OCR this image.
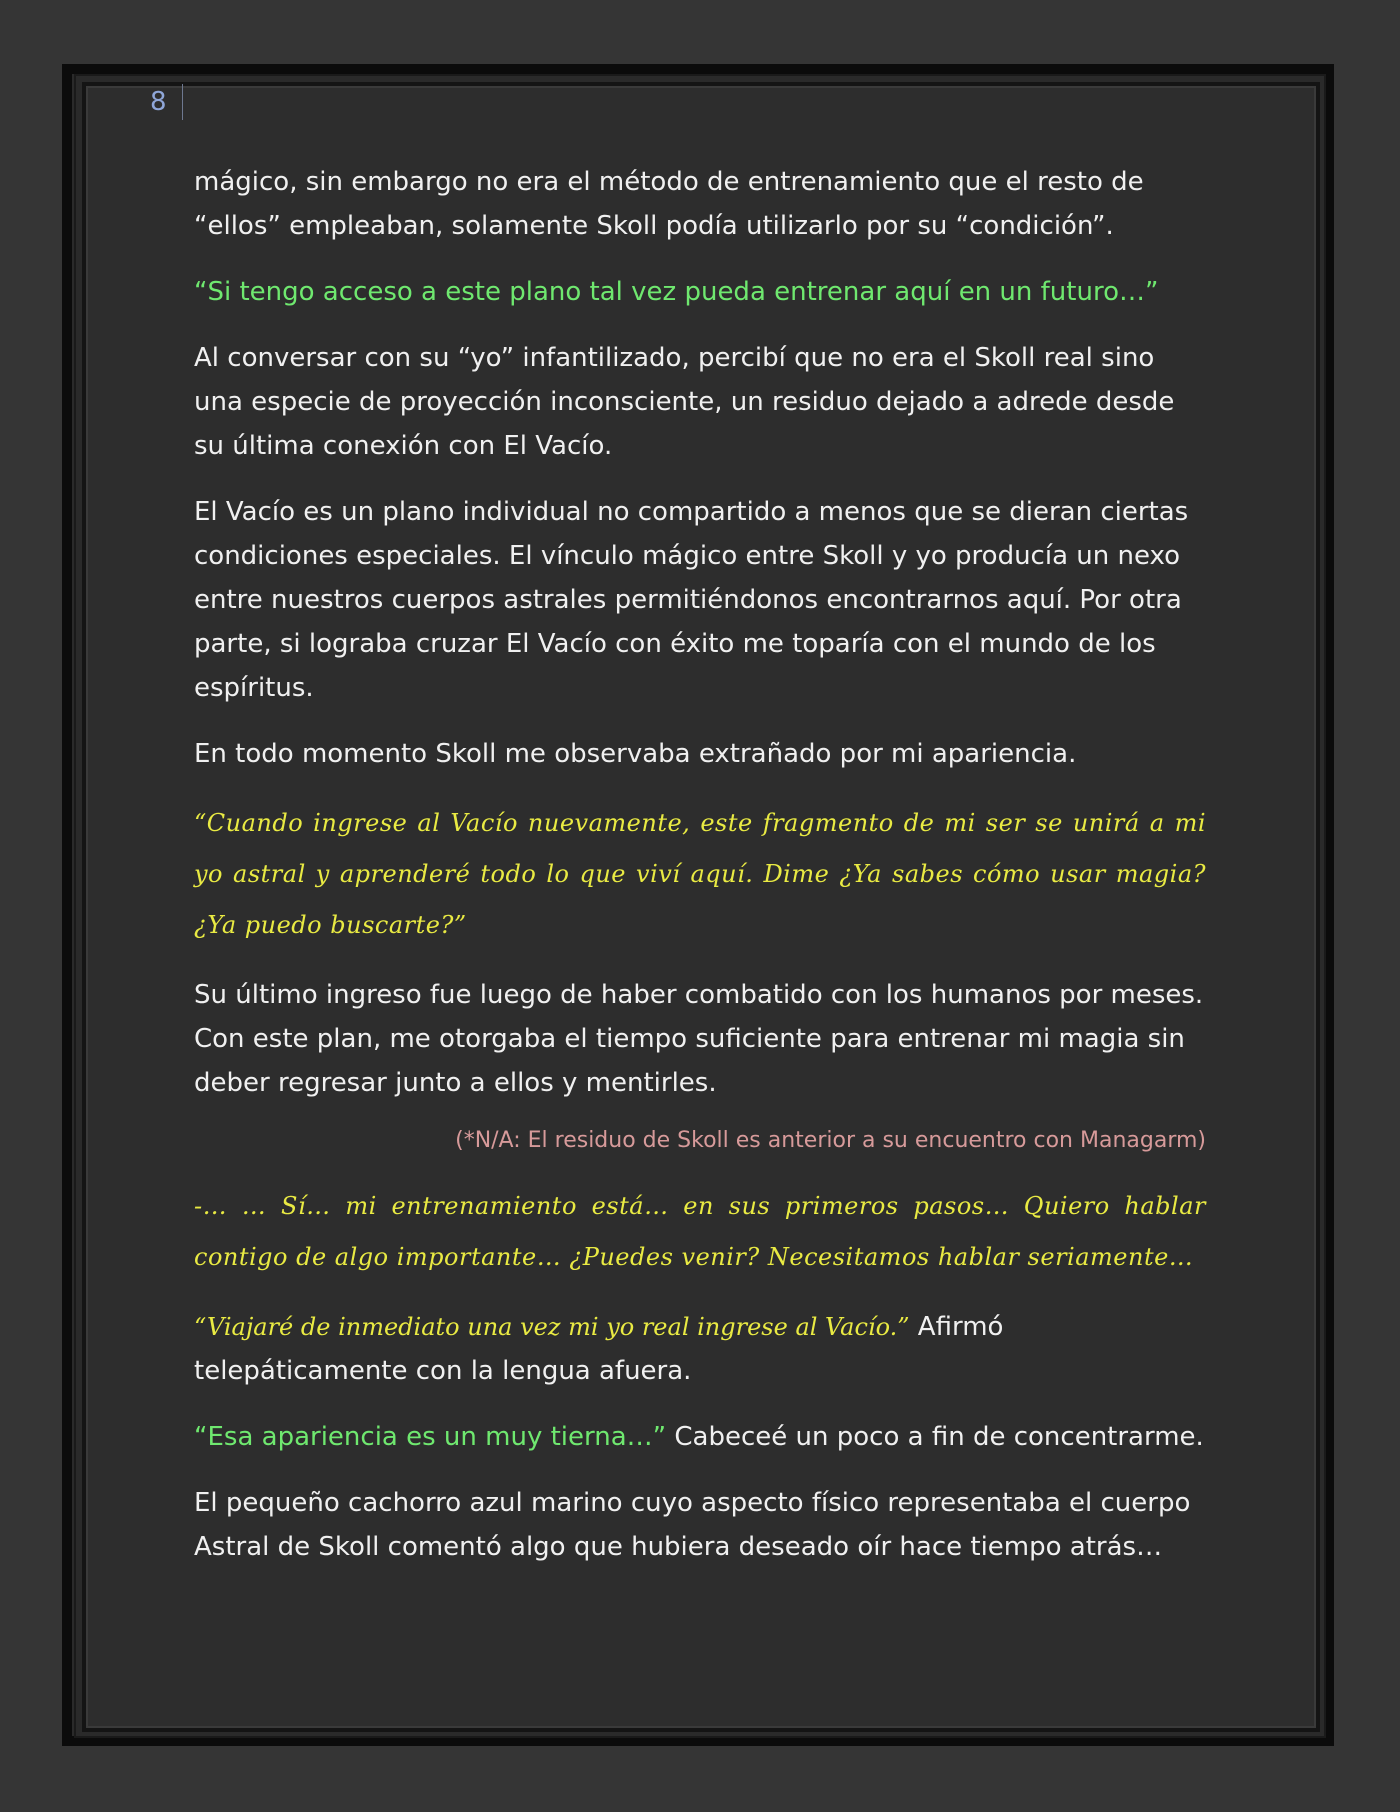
8

mágico, sin embargo no era el método de entrenamiento que el resto de “ellos” empleaban, solamente Skoll podía utilizarlo por su “condición”.

“Si tengo acceso a este plano tal vez pueda entrenar aquí en un futuro…”

Al conversar con su “yo” infantilizado, percibí que no era el Skoll real sino una especie de proyección inconsciente, un residuo dejado a adrede desde su última conexión con El Vacío.

El Vacío es un plano individual no compartido a menos que se dieran ciertas condiciones especiales. El vínculo mágico entre Skoll y yo producía un nexo entre nuestros cuerpos astrales permitiéndonos encontrarnos aquí. Por otra parte, si lograba cruzar El Vacío con éxito me toparía con el mundo de los espíritus.

En todo momento Skoll me observaba extrañado por mi apariencia.

“Cuando ingrese al Vacío nuevamente, este fragmento de mi ser se unirá a mi yo astral y aprenderé todo lo que viví aquí. Dime ¿Ya sabes cómo usar magia? ¿Ya puedo buscarte?”

Su último ingreso fue luego de haber combatido con los humanos por meses. Con este plan, me otorgaba el tiempo suficiente para entrenar mi magia sin deber regresar junto a ellos y mentirles.

(*N/A: El residuo de Skoll es anterior a su encuentro con Managarm)

-… … Sí… mi entrenamiento está… en sus primeros pasos… Quiero hablar contigo de algo importante… ¿Puedes venir? Necesitamos hablar seriamente…

“Viajaré de inmediato una vez mi yo real ingrese al Vacío.” Afirmó telepáticamente con la lengua afuera.

“Esa apariencia es un muy tierna…” Cabeceé un poco a fin de concentrarme.

El pequeño cachorro azul marino cuyo aspecto físico representaba el cuerpo Astral de Skoll comentó algo que hubiera deseado oír hace tiempo atrás…
